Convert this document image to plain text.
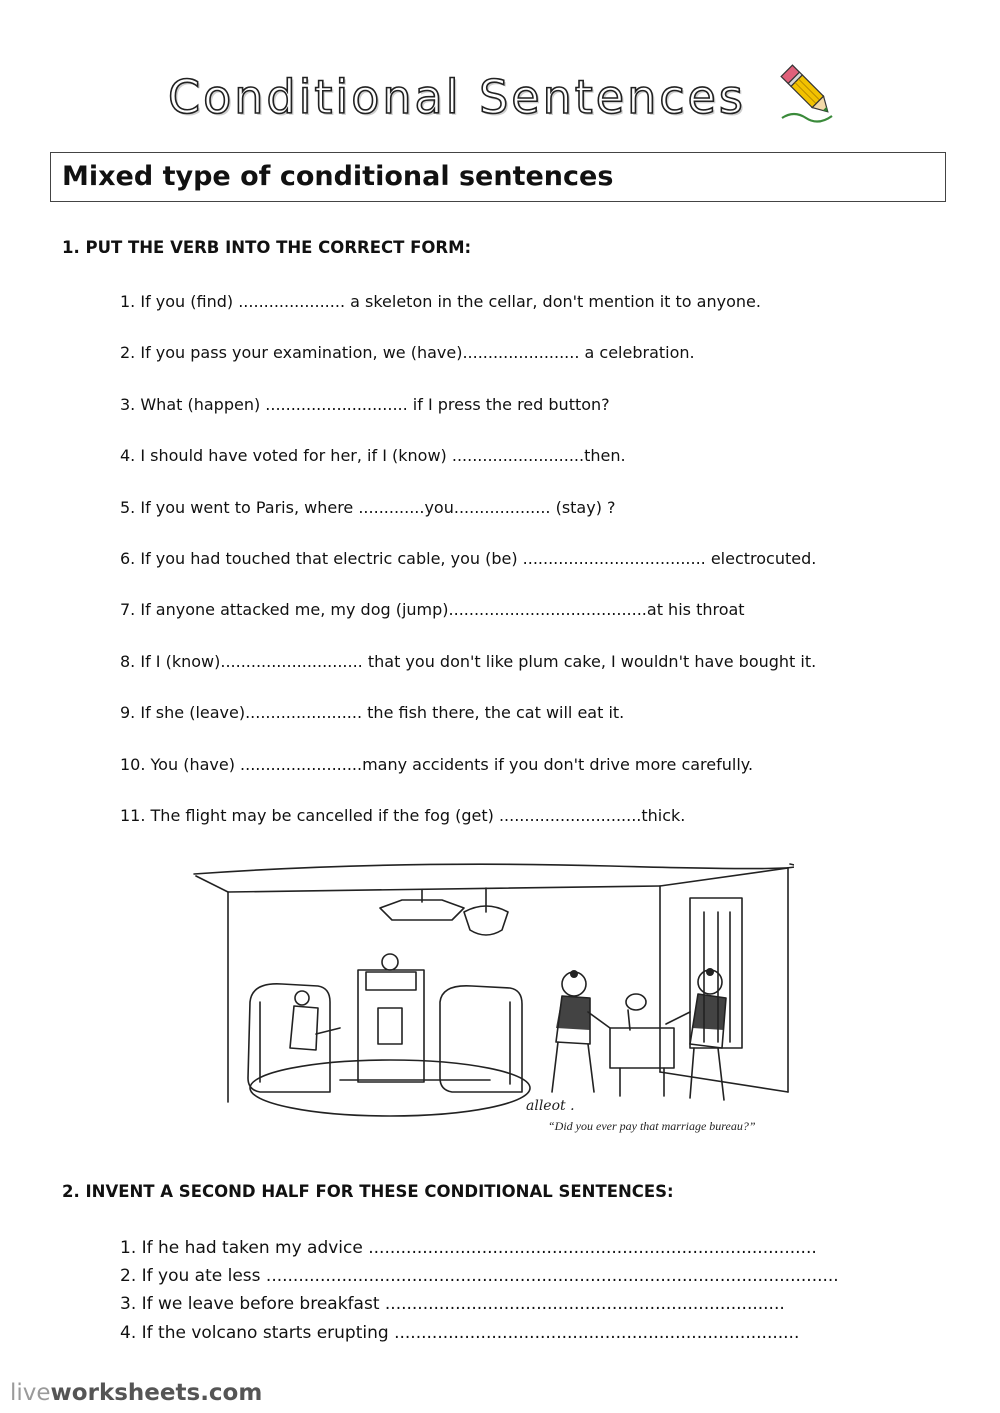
Conditional Sentences
Mixed type of conditional sentences
1. PUT THE VERB INTO THE CORRECT FORM:
1. If you (find) ..................... a skeleton in the cellar, don't mention it to anyone.
2. If you pass your examination, we (have)....................... a celebration.
3. What (happen) ............................ if I press the red button?
4. I should have voted for her, if I (know) ..........................then.
5. If you went to Paris, where .............you................... (stay) ?
6. If you had touched that electric cable, you (be) .................................... electrocuted.
7. If anyone attacked me, my dog (jump).......................................at his throat
8. If I (know)............................ that you don't like plum cake, I wouldn't have bought it.
9. If she (leave)....................... the fish there, the cat will eat it.
10. You (have) ........................many accidents if you don't drive more carefully.
11. The flight may be cancelled if the fog (get) ............................thick.
alleot .
“Did you ever pay that marriage bureau?”
2. INVENT A SECOND HALF FOR THESE CONDITIONAL SENTENCES:
1. If he had taken my advice ...................................................................................
2. If you ate less ..........................................................................................................
3. If we leave before breakfast ..........................................................................
4. If the volcano starts erupting ...........................................................................
liveworksheets.com
